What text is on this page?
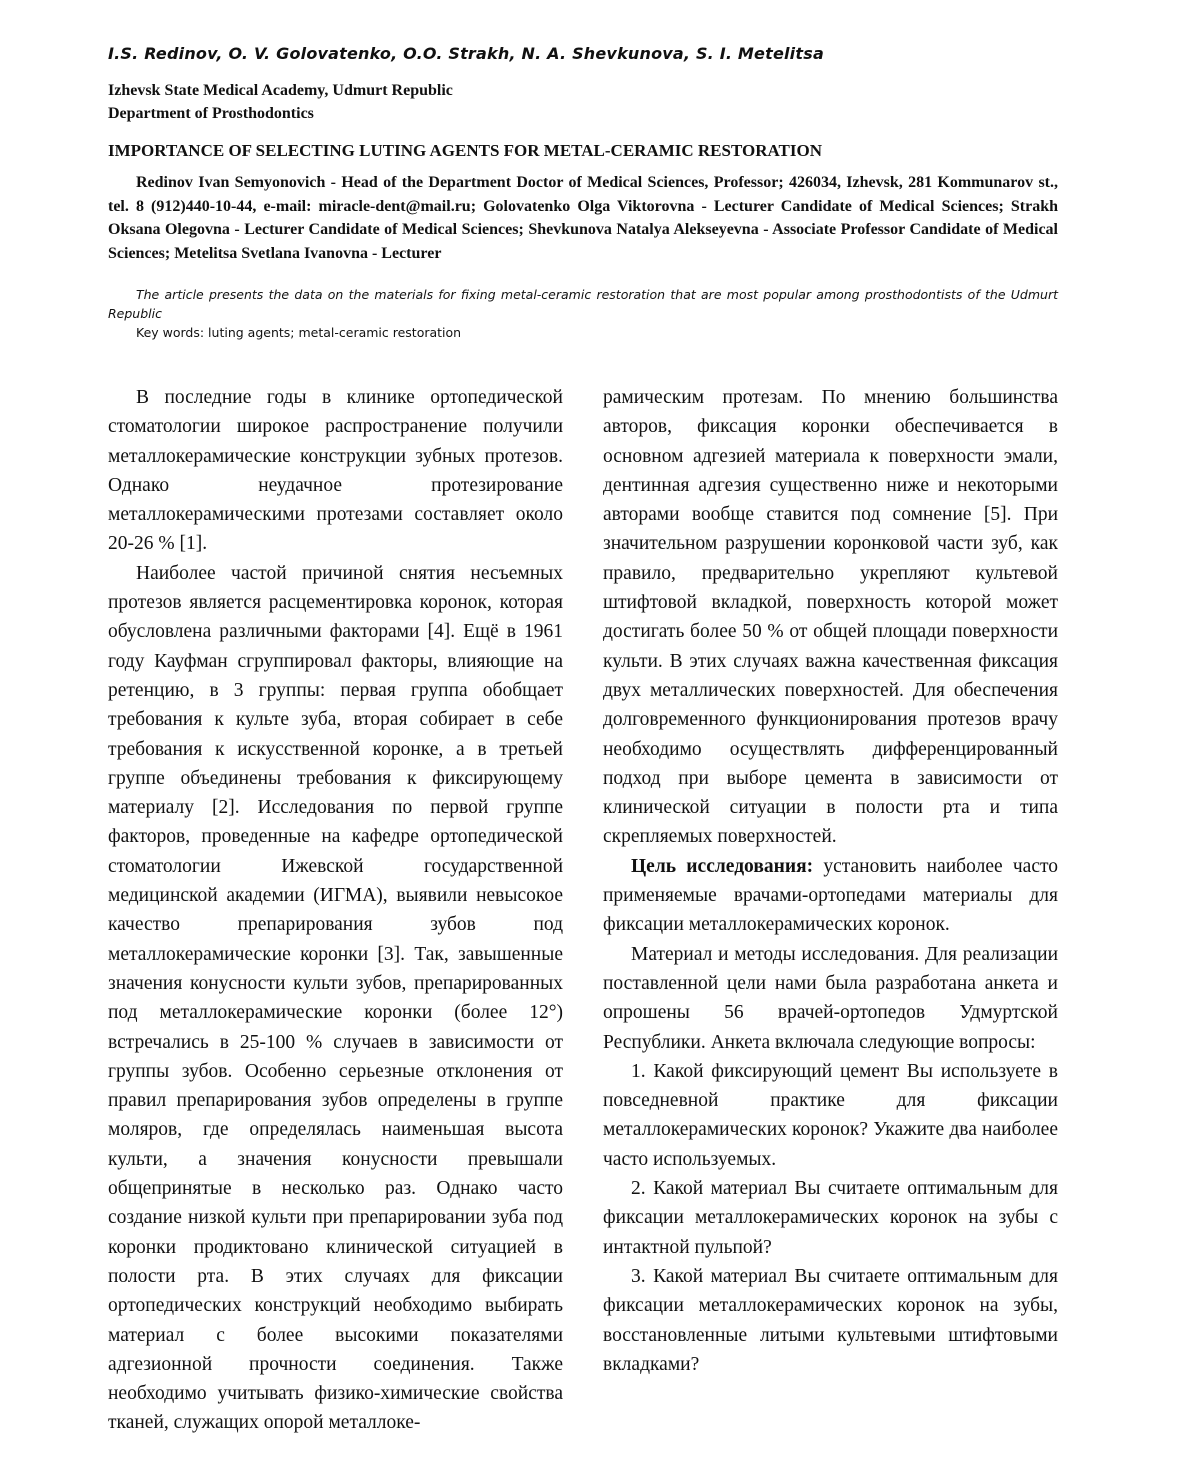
I.S. Redinov, O. V. Golovatenko, O.O. Strakh, N. A. Shevkunova, S. I. Metelitsa

Izhevsk State Medical Academy, Udmurt Republic

Department of Prosthodontics

IMPORTANCE OF SELECTING LUTING AGENTS FOR METAL-CERAMIC RESTORATION

Redinov Ivan Semyonovich - Head of the Department Doctor of Medical Sciences, Professor; 426034, Izhevsk, 281 Kommunarov st., tel. 8 (912)440-10-44, e-mail: miracle-dent@mail.ru; Golovatenko Olga Viktorovna - Lecturer Candidate of Medical Sciences; Strakh Oksana Olegovna - Lecturer Candidate of Medical Sciences; Shevkunova Natalya Alekseyevna - Associate Professor Candidate of Medical Sciences; Metelitsa Svetlana Ivanovna - Lecturer

The article presents the data on the materials for fixing metal-ceramic restoration that are most popular among prosthodontists of the Udmurt Republic

Key words: luting agents; metal-ceramic restoration

В последние годы в клинике ортопедической стоматологии широкое распространение получили металлокерамические конструкции зубных протезов. Однако неудачное протезирование металлокерамическими протезами составляет около 20-26 % [1].

Наиболее частой причиной снятия несъемных протезов является расцементировка коронок, которая обусловлена различными факторами [4]. Ещё в 1961 году Кауфман сгруппировал факторы, влияющие на ретенцию, в 3 группы: первая группа обобщает требования к культе зуба, вторая собирает в себе требования к искусственной коронке, а в третьей группе объединены требования к фиксирующему материалу [2]. Исследования по первой группе факторов, проведенные на кафедре ортопедической стоматологии Ижевской государственной медицинской академии (ИГМА), выявили невысокое качество препарирования зубов под металлокерамические коронки [3]. Так, завышенные значения конусности культи зубов, препарированных под металлокерамические коронки (более 12°) встречались в 25-100 % случаев в зависимости от группы зубов. Особенно серьезные отклонения от правил препарирования зубов определены в группе моляров, где определялась наименьшая высота культи, а значения конусности превышали общепринятые в несколько раз. Однако часто создание низкой культи при препарировании зуба под коронки продиктовано клинической ситуацией в полости рта. В этих случаях для фиксации ортопедических конструкций необходимо выбирать материал с более высокими показателями адгезионной прочности соединения. Также необходимо учитывать физико-химические свойства тканей, служащих опорой металлоке-

рамическим протезам. По мнению большинства авторов, фиксация коронки обеспечивается в основном адгезией материала к поверхности эмали, дентинная адгезия существенно ниже и некоторыми авторами вообще ставится под сомнение [5]. При значительном разрушении коронковой части зуб, как правило, предварительно укрепляют культевой штифтовой вкладкой, поверхность которой может достигать более 50 % от общей площади поверхности культи. В этих случаях важна качественная фиксация двух металлических поверхностей. Для обеспечения долговременного функционирования протезов врачу необходимо осуществлять дифференцированный подход при выборе цемента в зависимости от клинической ситуации в полости рта и типа скрепляемых поверхностей.

Цель исследования: установить наиболее часто применяемые врачами-ортопедами материалы для фиксации металлокерамических коронок.

Материал и методы исследования. Для реализации поставленной цели нами была разработана анкета и опрошены 56 врачей-ортопедов Удмуртской Республики. Анкета включала следующие вопросы:

1. Какой фиксирующий цемент Вы используете в повседневной практике для фиксации металлокерамических коронок? Укажите два наиболее часто используемых.

2. Какой материал Вы считаете оптимальным для фиксации металлокерамических коронок на зубы с интактной пульпой?

3. Какой материал Вы считаете оптимальным для фиксации металлокерамических коронок на зубы, восстановленные литыми культевыми штифтовыми вкладками?
